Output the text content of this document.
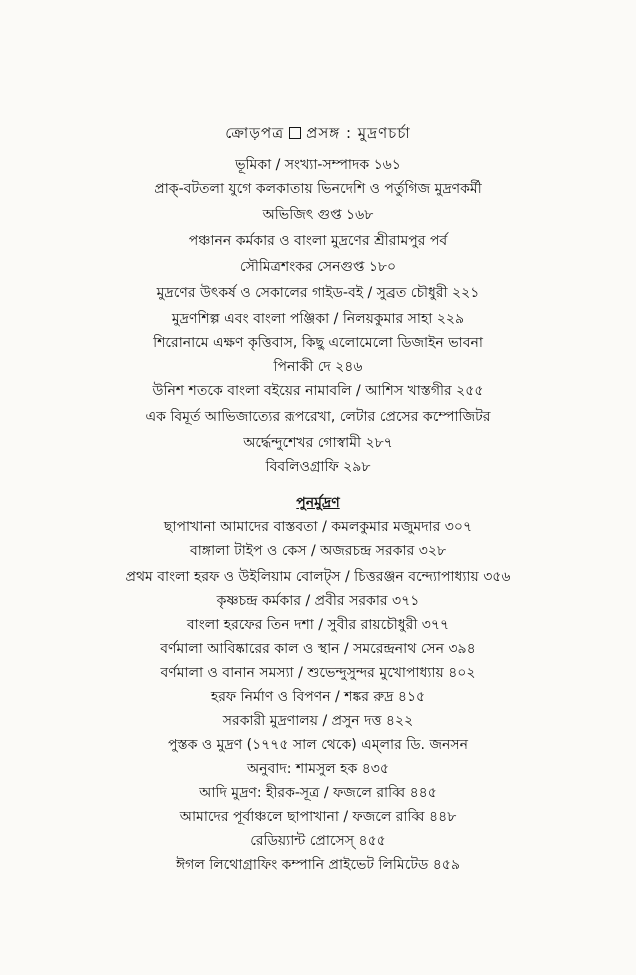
ক্রোড়পত্র প্রসঙ্গ : মুদ্রণচর্চা
ভূমিকা / সংখ্যা-সম্পাদক ১৬১
প্রাক্-বটতলা যুগে কলকাতায় ভিনদেশি ও পর্তুগিজ মুদ্রণকর্মী
অভিজিৎ গুপ্ত ১৬৮
পঞ্চানন কর্মকার ও বাংলা মুদ্রণের শ্রীরামপুর পর্ব
সৌমিত্রশংকর সেনগুপ্ত ১৮০
মুদ্রণের উৎকর্ষ ও সেকালের গাইড-বই / সুব্রত চৌধুরী ২২১
মুদ্রণশিল্প এবং বাংলা পঞ্জিকা / নিলয়কুমার সাহা ২২৯
শিরোনামে এক্ষণ কৃত্তিবাস, কিছু এলোমেলো ডিজাইন ভাবনা
পিনাকী দে ২৪৬
উনিশ শতকে বাংলা বইয়ের নামাবলি / আশিস খাস্তগীর ২৫৫
এক বিমূর্ত আভিজাত্যের রূপরেখা, লেটার প্রেসের কম্পোজিটর
অর্দ্ধেন্দুশেখর গোস্বামী ২৮৭
বিবলিওগ্রাফি ২৯৮
পুনর্মুদ্রণ
ছাপাখানা আমাদের বাস্তবতা / কমলকুমার মজুমদার ৩০৭
বাঙ্গালা টাইপ ও কেস / অজরচন্দ্র সরকার ৩২৮
প্রথম বাংলা হরফ ও উইলিয়াম বোলট্‌স / চিত্তরঞ্জন বন্দ্যোপাধ্যায় ৩৫৬
কৃষ্ণচন্দ্র কর্মকার / প্রবীর সরকার ৩৭১
বাংলা হরফের তিন দশা / সুবীর রায়চৌধুরী ৩৭৭
বর্ণমালা আবিষ্কারের কাল ও স্থান / সমরেন্দ্রনাথ সেন ৩৯৪
বর্ণমালা ও বানান সমস্যা / শুভেন্দুসুন্দর মুখোপাধ্যায় ৪০২
হরফ নির্মাণ ও বিপণন / শঙ্কর রুদ্র ৪১৫
সরকারী মুদ্রণালয় / প্রসুন দত্ত ৪২২
পুস্তক ও মুদ্রণ (১৭৭৫ সাল থেকে) এম্‌লার ডি. জনসন
অনুবাদ: শামসুল হক ৪৩৫
আদি মুদ্রণ: হীরক-সূত্র / ফজলে রাব্বি ৪৪৫
আমাদের পূর্বাঞ্চলে ছাপাখানা / ফজলে রাব্বি ৪৪৮
রেডিয়্যান্ট প্রোসেস্ ৪৫৫
ঈগল লিথোগ্রাফিং কম্পানি প্রাইভেট লিমিটেড ৪৫৯
